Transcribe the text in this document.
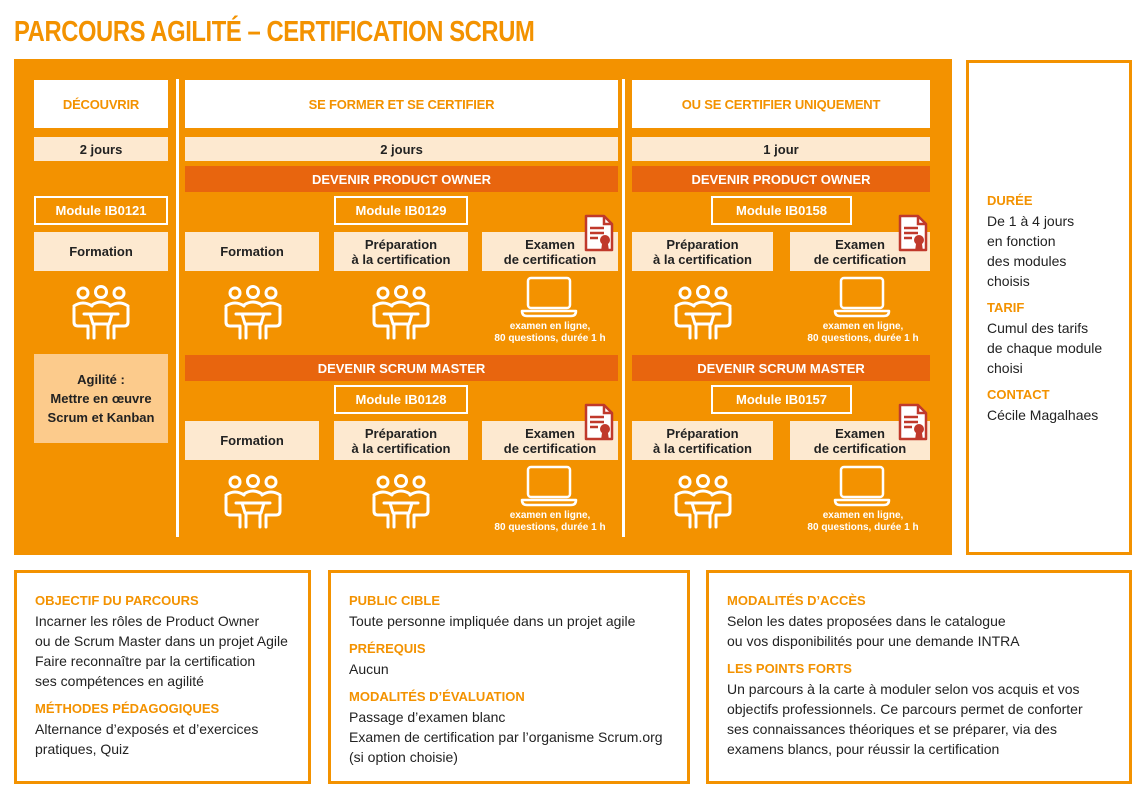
PARCOURS AGILITÉ – CERTIFICATION SCRUM
DÉCOUVRIR
2 jours
Module IB0121
Formation
Agilité :
Mettre en œuvre
Scrum et Kanban
SE FORMER ET SE CERTIFIER
2 jours
DEVENIR PRODUCT OWNER
Module IB0129
DEVENIR SCRUM MASTER
Module IB0128
OU SE CERTIFIER UNIQUEMENT
1 jour
DEVENIR PRODUCT OWNER
Module IB0158
DEVENIR SCRUM MASTER
Module IB0157
Formation	Préparation
à la certification
Examen
de certification
examen en ligne,
80 questions, durée 1 h
Formation	Préparation
à la certification
Examen
de certification
examen en ligne,
80 questions, durée 1 h
Préparation
à la certification
Examen
de certification
examen en ligne,
80 questions, durée 1 h
Préparation
à la certification
Examen
de certification
examen en ligne,
80 questions, durée 1 h
DURÉE
De 1 à 4 jours
en fonction
des modules
choisis
TARIF
Cumul des tarifs
de chaque module
choisi
CONTACT
Cécile Magalhaes
OBJECTIF DU PARCOURS
Incarner les rôles de Product Owner
ou de Scrum Master dans un projet Agile
Faire reconnaître par la certification
ses compétences en agilité
MÉTHODES PÉDAGOGIQUES
Alternance d’exposés et d’exercices
pratiques, Quiz
PUBLIC CIBLE
Toute personne impliquée dans un projet agile
PRÉREQUIS
Aucun
MODALITÉS D’ÉVALUATION
Passage d’examen blanc
Examen de certification par l’organisme Scrum.org
(si option choisie)
MODALITÉS D’ACCÈS
Selon les dates proposées dans le catalogue
ou vos disponibilités pour une demande INTRA
LES POINTS FORTS
Un parcours à la carte à moduler selon vos acquis et vos
objectifs professionnels. Ce parcours permet de conforter
ses connaissances théoriques et se préparer, via des
examens blancs, pour réussir la certification
